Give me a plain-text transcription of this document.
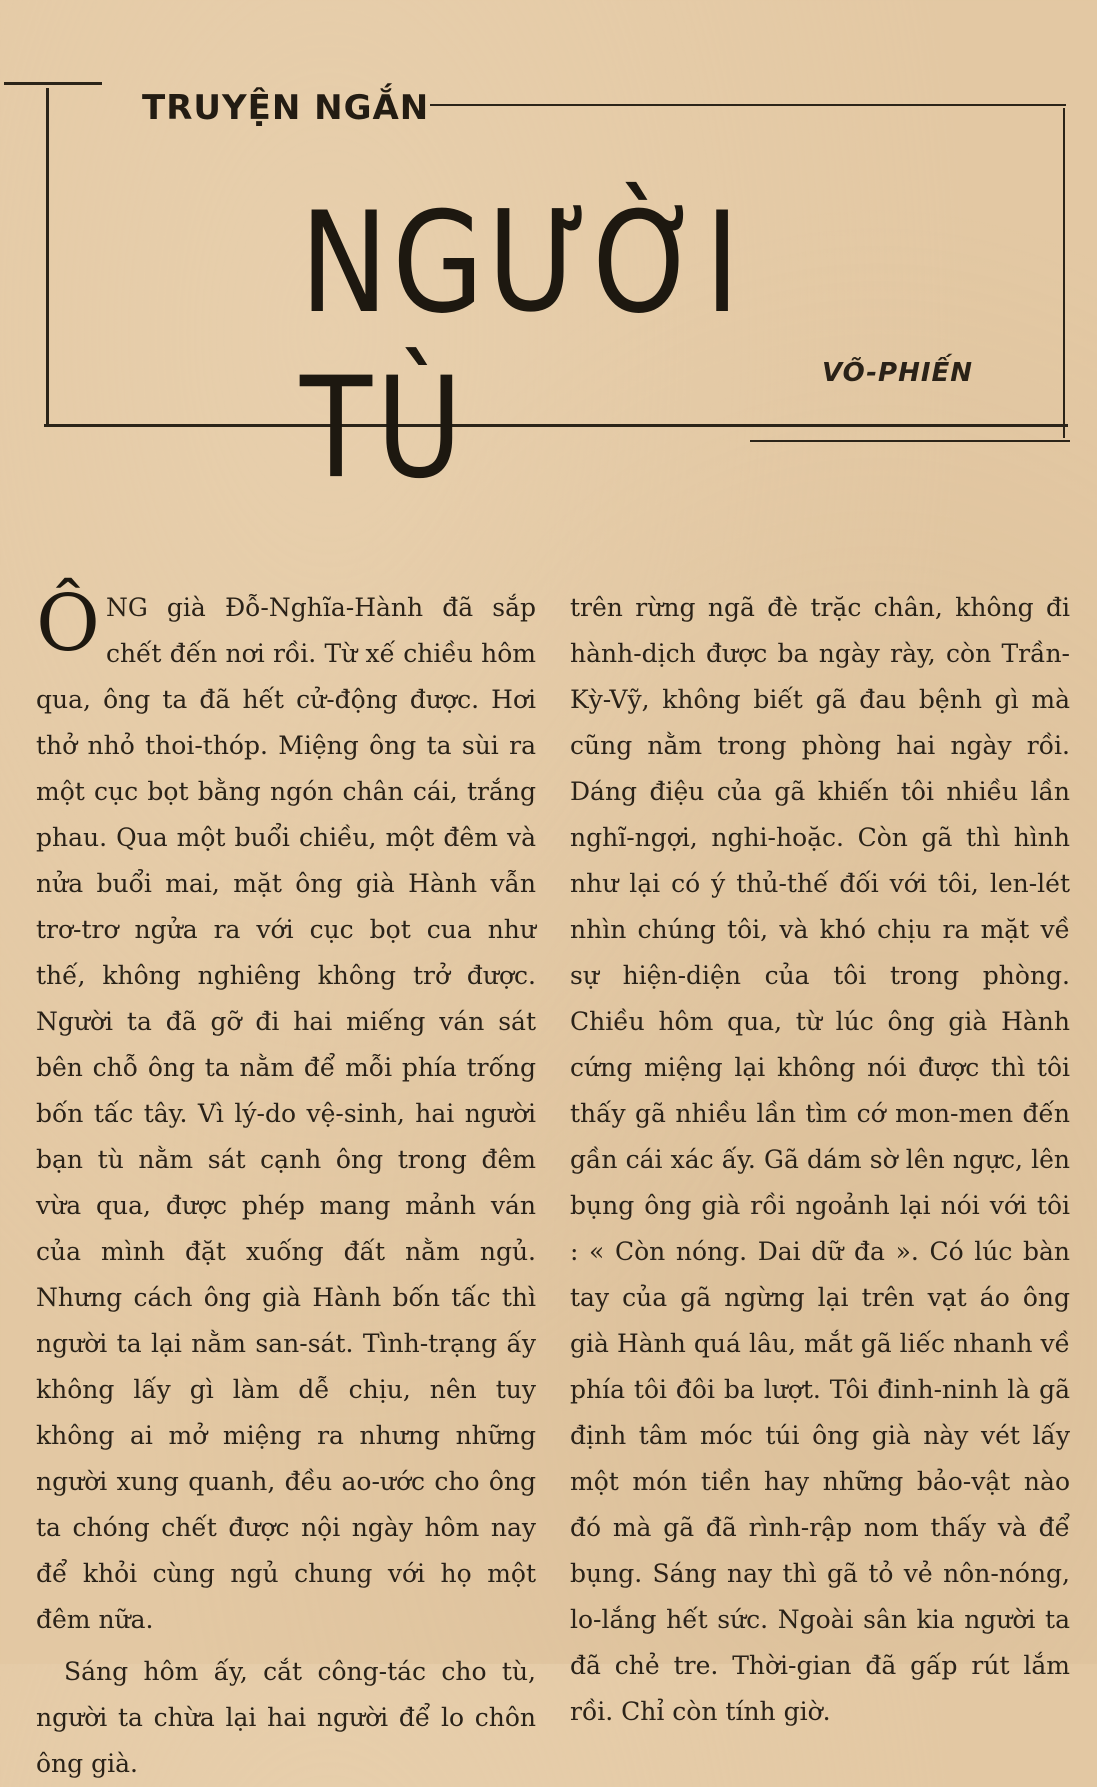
TRUYỆN NGẮN
NGƯỜI TÙ	VÕ-PHIẾN

Ô NG già Đỗ-Nghĩa-Hành đã sắp chết đến nơi rồi. Từ xế chiều hôm qua, ông ta đã hết cử-động được. Hơi thở nhỏ thoi-thóp. Miệng ông ta sùi ra một cục bọt bằng ngón chân cái, trắng phau. Qua một buổi chiều, một đêm và nửa buổi mai, mặt ông già Hành vẫn trơ-trơ ngửa ra với cục bọt cua như thế, không nghiêng không trở được. Người ta đã gỡ đi hai miếng ván sát bên chỗ ông ta nằm để mỗi phía trống bốn tấc tây. Vì lý-do vệ-sinh, hai người bạn tù nằm sát cạnh ông trong đêm vừa qua, được phép mang mảnh ván của mình đặt xuống đất nằm ngủ. Nhưng cách ông già Hành bốn tấc thì người ta lại nằm san-sát. Tình-trạng ấy không lấy gì làm dễ chịu, nên tuy không ai mở miệng ra nhưng những người xung quanh, đều ao-ước cho ông ta chóng chết được nội ngày hôm nay để khỏi cùng ngủ chung với họ một đêm nữa.

Sáng hôm ấy, cắt công-tác cho tù, người ta chừa lại hai người để lo chôn ông già.

trên rừng ngã đè trặc chân, không đi hành-dịch được ba ngày rày, còn Trần-Kỳ-Vỹ, không biết gã đau bệnh gì mà cũng nằm trong phòng hai ngày rồi. Dáng điệu của gã khiến tôi nhiều lần nghĩ-ngợi, nghi-hoặc. Còn gã thì hình như lại có ý thủ-thế đối với tôi, len-lét nhìn chúng tôi, và khó chịu ra mặt về sự hiện-diện của tôi trong phòng. Chiều hôm qua, từ lúc ông già Hành cứng miệng lại không nói được thì tôi thấy gã nhiều lần tìm cớ mon-men đến gần cái xác ấy. Gã dám sờ lên ngực, lên bụng ông già rồi ngoảnh lại nói với tôi : « Còn nóng. Dai dữ đa ». Có lúc bàn tay của gã ngừng lại trên vạt áo ông già Hành quá lâu, mắt gã liếc nhanh về phía tôi đôi ba lượt. Tôi đinh-ninh là gã định tâm móc túi ông già này vét lấy một món tiền hay những bảo-vật nào đó mà gã đã rình-rập nom thấy và để bụng. Sáng nay thì gã tỏ vẻ nôn-nóng, lo-lắng hết sức. Ngoài sân kia người ta đã chẻ tre. Thời-gian đã gấp rút lắm rồi. Chỉ còn tính giờ.
